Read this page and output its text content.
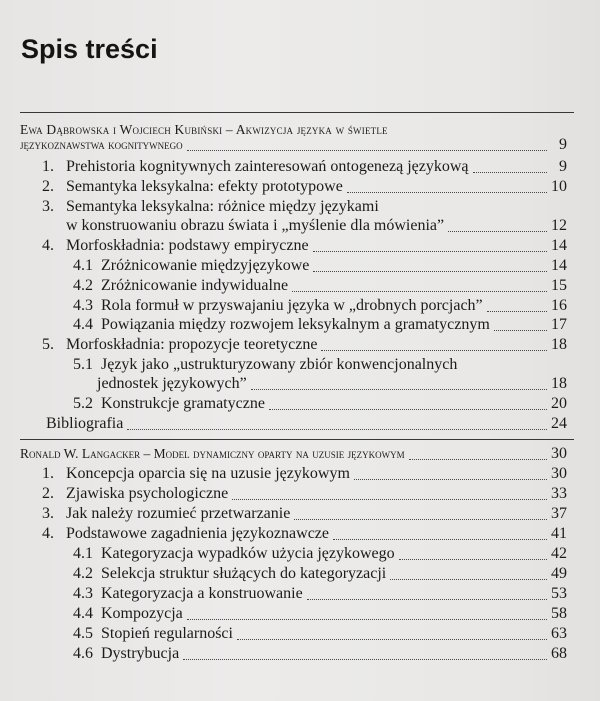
Spis treści
Ewa Dąbrowska i Wojciech Kubiński – Akwizycja języka w świetle
językoznawstwa kognitywnego	9
1. Prehistoria kognitywnych zainteresowań ontogenezą językową	9
2. Semantyka leksykalna: efekty prototypowe	10
3. Semantyka leksykalna: różnice między językami
w konstruowaniu obrazu świata i „myślenie dla mówienia”	12
4. Morfoskładnia: podstawy empiryczne	14
4.1 Zróżnicowanie międzyjęzykowe	14
4.2 Zróżnicowanie indywidualne	15
4.3 Rola formuł w przyswajaniu języka w „drobnych porcjach”	16
4.4 Powiązania między rozwojem leksykalnym a gramatycznym	17
5. Morfoskładnia: propozycje teoretyczne	18
5.1 Język jako „ustrukturyzowany zbiór konwencjonalnych
jednostek językowych”	18
5.2 Konstrukcje gramatyczne	20
Bibliografia	24
Ronald W. Langacker – Model dynamiczny oparty na uzusie językowym	30
1. Koncepcja oparcia się na uzusie językowym	30
2. Zjawiska psychologiczne	33
3. Jak należy rozumieć przetwarzanie	37
4. Podstawowe zagadnienia językoznawcze	41
4.1 Kategoryzacja wypadków użycia językowego	42
4.2 Selekcja struktur służących do kategoryzacji	49
4.3 Kategoryzacja a konstruowanie	53
4.4 Kompozycja	58
4.5 Stopień regularności	63
4.6 Dystrybucja	68
